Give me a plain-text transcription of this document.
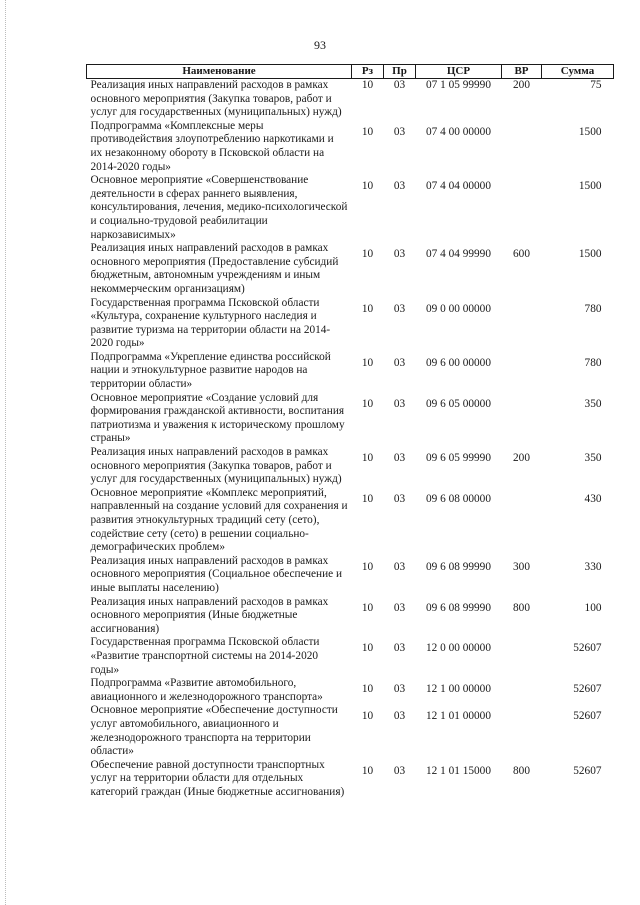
93
Наименование	Рз	Пр	ЦСР	ВР	Сумма
Реализация иных направлений расходов в рамках основного мероприятия (Закупка товаров, работ и услуг для государственных (муниципальных) нужд)	10	03	07 1 05 99990	200	75
Подпрограмма «Комплексные меры противодействия злоупотреблению наркотиками и их незаконному обороту в Псковской области на 2014-2020 годы»	10	03	07 4 00 00000		1500
Основное мероприятие «Совершенствование деятельности в сферах раннего выявления, консультирования, лечения, медико-психологической и социально-трудовой реабилитации наркозависимых»	10	03	07 4 04 00000		1500
Реализация иных направлений расходов в рамках основного мероприятия (Предоставление субсидий бюджетным, автономным учреждениям и иным некоммерческим организациям)	10	03	07 4 04 99990	600	1500
Государственная программа Псковской области «Культура, сохранение культурного наследия и развитие туризма на территории области на 2014-2020 годы»	10	03	09 0 00 00000		780
Подпрограмма «Укрепление единства российской нации и этнокультурное развитие народов на территории области»	10	03	09 6 00 00000		780
Основное мероприятие «Создание условий для формирования гражданской активности, воспитания патриотизма и уважения к историческому прошлому страны»	10	03	09 6 05 00000		350
Реализация иных направлений расходов в рамках основного мероприятия (Закупка товаров, работ и услуг для государственных (муниципальных) нужд)	10	03	09 6 05 99990	200	350
Основное мероприятие «Комплекс мероприятий, направленный на создание условий для сохранения и развития этнокультурных традиций сету (сето), содействие сету (сето) в решении социально-демографических проблем»	10	03	09 6 08 00000		430
Реализация иных направлений расходов в рамках основного мероприятия (Социальное обеспечение и иные выплаты населению)	10	03	09 6 08 99990	300	330
Реализация иных направлений расходов в рамках основного мероприятия (Иные бюджетные ассигнования)	10	03	09 6 08 99990	800	100
Государственная программа Псковской области «Развитие транспортной системы на 2014-2020 годы»	10	03	12 0 00 00000		52607
Подпрограмма «Развитие автомобильного, авиационного и железнодорожного транспорта»	10	03	12 1 00 00000		52607
Основное мероприятие «Обеспечение доступности услуг автомобильного, авиационного и железнодорожного транспорта на территории области»	10	03	12 1 01 00000		52607
Обеспечение равной доступности транспортных услуг на территории области для отдельных категорий граждан (Иные бюджетные ассигнования)	10	03	12 1 01 15000	800	52607
